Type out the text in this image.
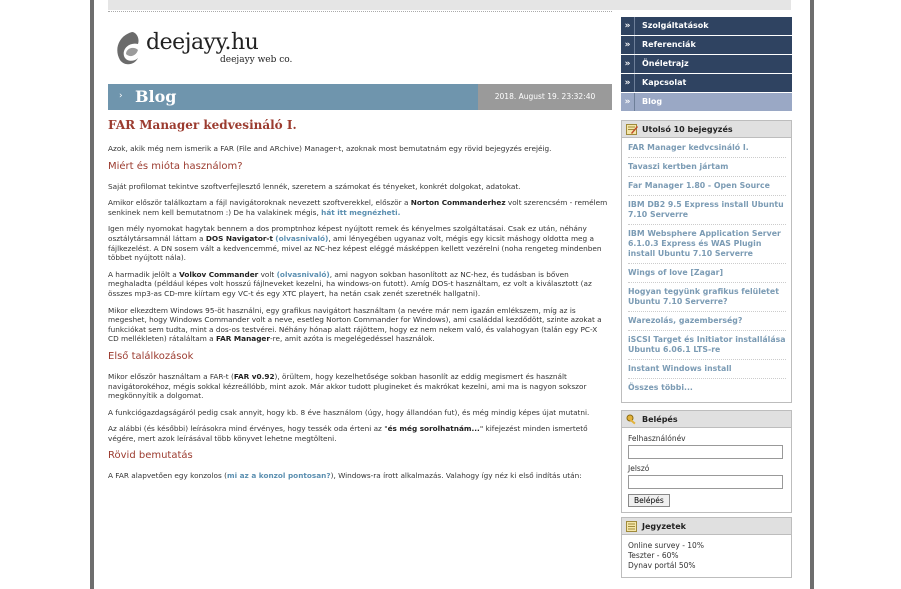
deejayy.hu
deejayy web co.
› Blog	2018. August 19. 23:32:40
»	Szolgáltatások
»	Referenciák
»	Önéletrajz
»	Kapcsolat
»	Blog
FAR Manager kedvesináló I.

Azok, akik még nem ismerik a FAR (File and ARchive) Manager-t, azoknak most bemutatnám egy rövid bejegyzés erejéig.

Miért és mióta használom?

Saját profilomat tekintve szoftverfejlesztő lennék, szeretem a számokat és tényeket, konkrét dolgokat, adatokat.

Amikor először találkoztam a fájl navigátoroknak nevezett szoftverekkel, először a Norton Commanderhez volt szerencsém - remélem senkinek nem kell bemutatnom :) De ha valakinek mégis, hát itt megnézheti.

Igen mély nyomokat hagytak bennem a dos promptnhoz képest nyújtott remek és kényelmes szolgáltatásai. Csak ez után, néhány osztálytársamnál láttam a DOS Navigator-t (olvasnivaló), ami lényegében ugyanaz volt, mégis egy kicsit máshogy oldotta meg a fájlkezelést. A DN sosem vált a kedvencemmé, mivel az NC-hez képest eléggé másképpen kellett vezérelni (noha rengeteg mindenben többet nyújtott nála).

A harmadik jelölt a Volkov Commander volt (olvasnivaló), ami nagyon sokban hasonlított az NC-hez, és tudásban is bőven meghaladta (például képes volt hosszú fájlneveket kezelni, ha windows-on futott). Amíg DOS-t használtam, ez volt a kiválasztott (az összes mp3-as CD-mre kiírtam egy VC-t és egy XTC playert, ha netán csak zenét szeretnék hallgatni).

Mikor elkezdtem Windows 95-öt használni, egy grafikus navigátort használtam (a nevére már nem igazán emlékszem, míg az is megeshet, hogy Windows Commander volt a neve, esetleg Norton Commander for Windows), ami családdal kezdődött, szinte azokat a funkciókat sem tudta, mint a dos-os testvérei. Néhány hónap alatt rájöttem, hogy ez nem nekem való, és valahogyan (talán egy PC-X CD mellékleten) rátaláltam a FAR Manager-re, amit azóta is megelégedéssel használok.

Első találkozások

Mikor először használtam a FAR-t (FAR v0.92), örültem, hogy kezelhetősége sokban hasonlít az eddig megismert és használt navigátorokéhoz, mégis sokkal kézreállóbb, mint azok. Már akkor tudott plugineket és makrókat kezelni, ami ma is nagyon sokszor megkönnyítik a dolgomat.

A funkciógazdagságáról pedig csak annyit, hogy kb. 8 éve használom (úgy, hogy állandóan fut), és még mindig képes újat mutatni.

Az alábbi (és későbbi) leírásokra mind érvényes, hogy tessék oda érteni az "és még sorolhatnám..." kifejezést minden ismertető végére, mert azok leírásával több könyvet lehetne megtölteni.

Rövid bemutatás

A FAR alapvetően egy konzolos (mi az a konzol pontosan?), Windows-ra írott alkalmazás. Valahogy így néz ki első indítás után:

Utolsó 10 bejegyzés
FAR Manager kedvcsináló I.
Tavaszi kertben jártam
Far Manager 1.80 - Open Source
IBM DB2 9.5 Express install Ubuntu 7.10 Serverre
IBM Websphere Application Server 6.1.0.3 Express és WAS Plugin install Ubuntu 7.10 Serverre
Wings of love [Zagar]
Hogyan tegyünk grafikus felületet Ubuntu 7.10 Serverre?
Warezolás, gazemberség?
iSCSI Target és Initiator installálása Ubuntu 6.06.1 LTS-re
Instant Windows install
Összes többi...
Belépés
Felhasználónév
Jelszó
Belépés
Jegyzetek
Online survey - 10%
Teszter - 60%
Dynav portál 50%
